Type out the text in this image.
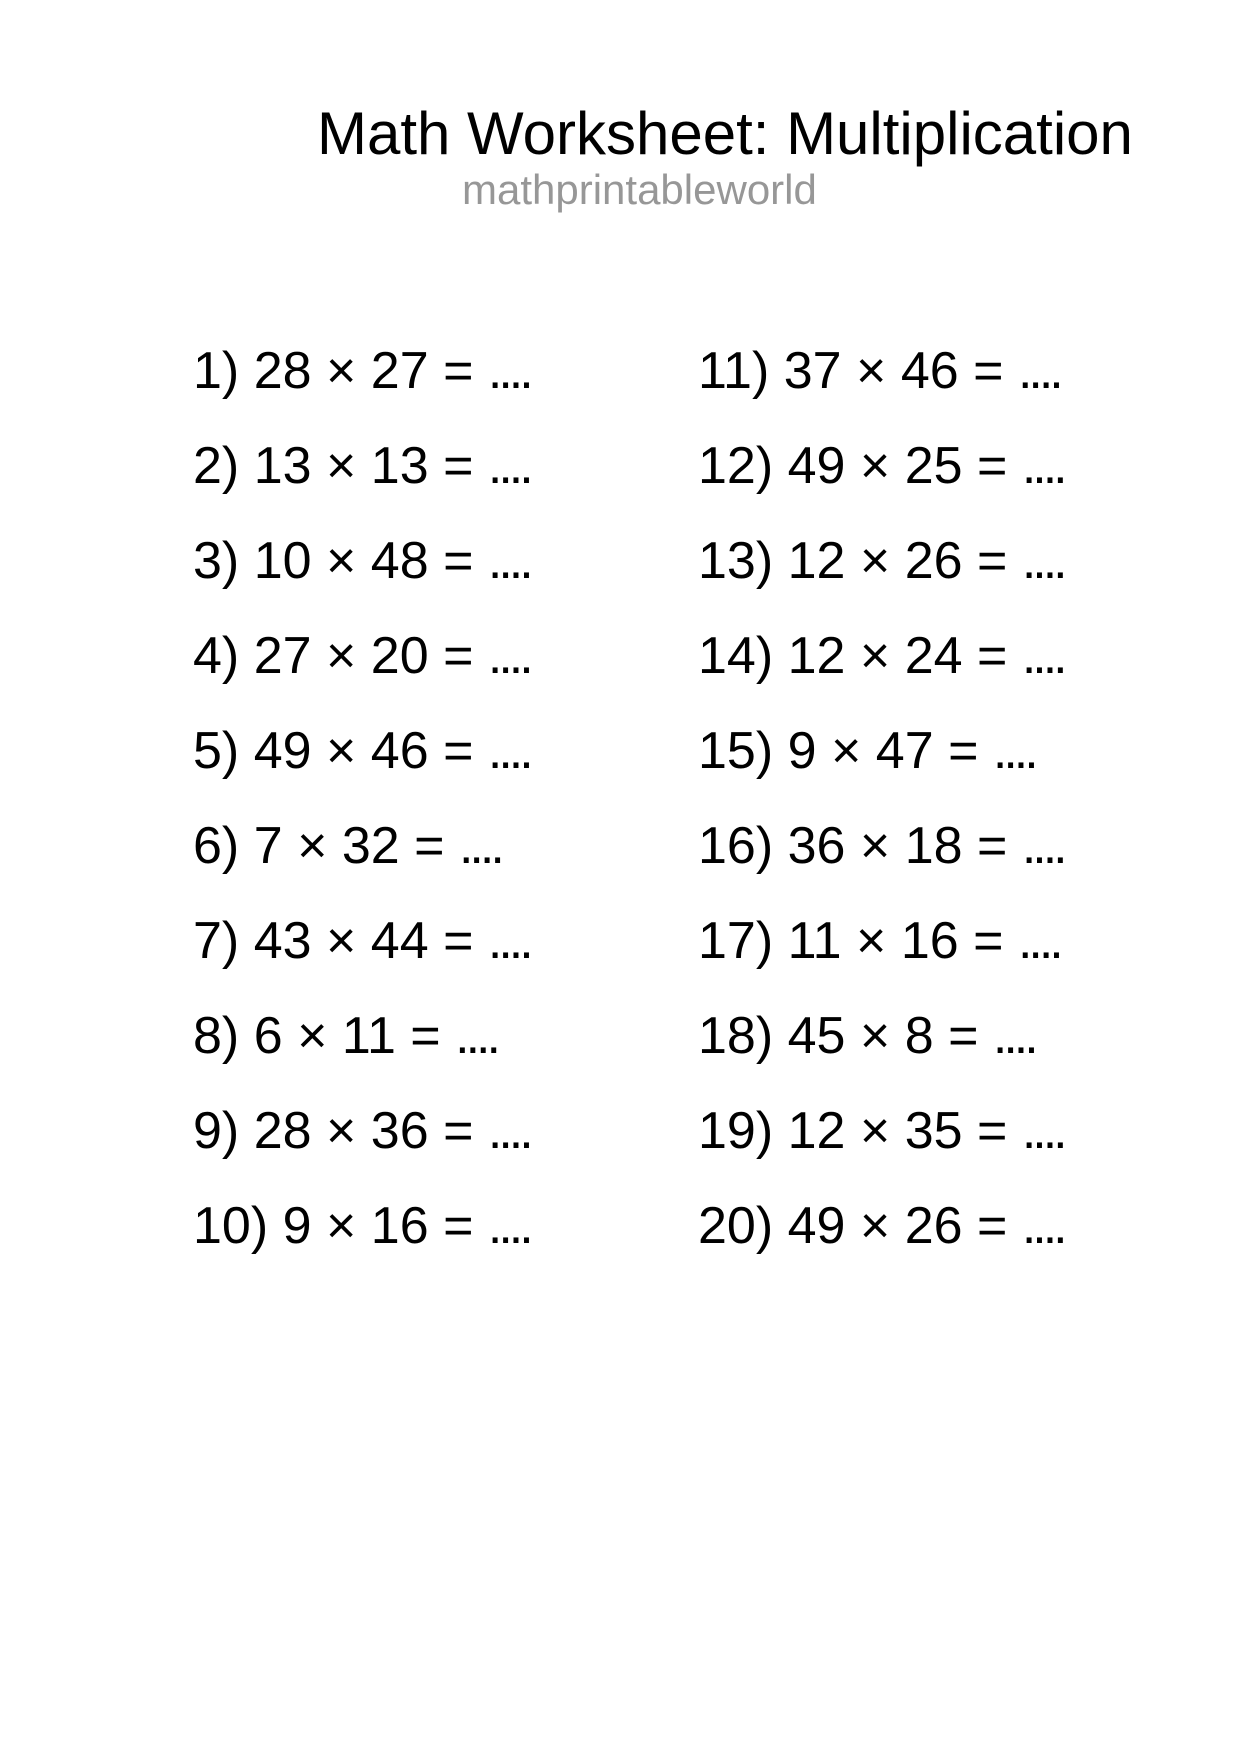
Math Worksheet: Multiplication
mathprintableworld
1) 28 × 27 = ....
2) 13 × 13 = ....
3) 10 × 48 = ....
4) 27 × 20 = ....
5) 49 × 46 = ....
6) 7 × 32 = ....
7) 43 × 44 = ....
8) 6 × 11 = ....
9) 28 × 36 = ....
10) 9 × 16 = ....
11) 37 × 46 = ....
12) 49 × 25 = ....
13) 12 × 26 = ....
14) 12 × 24 = ....
15) 9 × 47 = ....
16) 36 × 18 = ....
17) 11 × 16 = ....
18) 45 × 8 = ....
19) 12 × 35 = ....
20) 49 × 26 = ....
